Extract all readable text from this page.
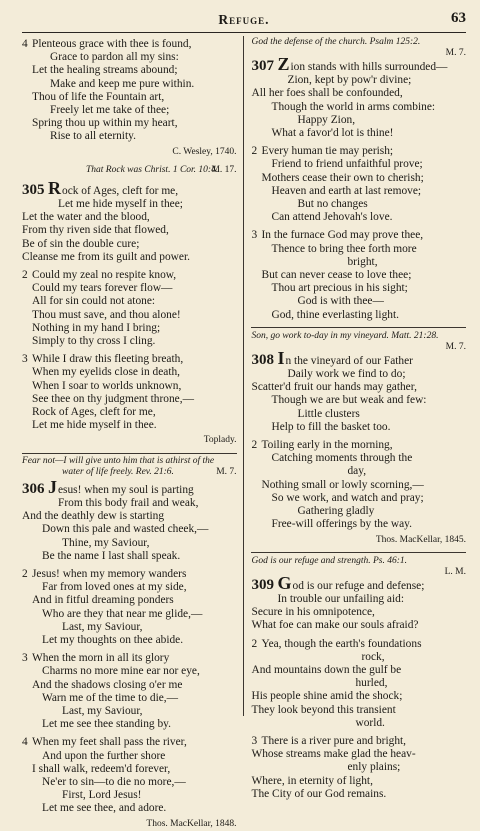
Refuge.	63
4 Plenteous grace with thee is found,
Grace to pardon all my sins:
Let the healing streams abound;
Make and keep me pure within.
Thou of life the Fountain art,
Freely let me take of thee;
Spring thou up within my heart,
Rise to all eternity.
C. Wesley, 1740.
That Rock was Christ. 1 Cor. 10:4.
M. 17.
305 Rock of Ages, cleft for me,
Let me hide myself in thee;
Let the water and the blood,
From thy riven side that flowed,
Be of sin the double cure;
Cleanse me from its guilt and power.
2 Could my zeal no respite know,
Could my tears forever flow—
All for sin could not atone:
Thou must save, and thou alone!
Nothing in my hand I bring;
Simply to thy cross I cling.
3 While I draw this fleeting breath,
When my eyelids close in death,
When I soar to worlds unknown,
See thee on thy judgment throne,—
Rock of Ages, cleft for me,
Let me hide myself in thee.
Toplady.
Fear not—I will give unto him that is athirst of the
water of life freely. Rev. 21:6.	M. 7.
306 Jesus! when my soul is parting
From this body frail and weak,
And the deathly dew is starting
Down this pale and wasted cheek,—
Thine, my Saviour,
Be the name I last shall speak.
2 Jesus! when my memory wanders
Far from loved ones at my side,
And in fitful dreaming ponders
Who are they that near me glide,—
Last, my Saviour,
Let my thoughts on thee abide.
3 When the morn in all its glory
Charms no more mine ear nor eye,
And the shadows closing o'er me
Warn me of the time to die,—
Last, my Saviour,
Let me see thee standing by.
4 When my feet shall pass the river,
And upon the further shore
I shall walk, redeem'd forever,
Ne'er to sin—to die no more,—
First, Lord Jesus!
Let me see thee, and adore.
Thos. MacKellar, 1848.
God the defense of the church. Psalm 125:2.
M. 7.
307 Zion stands with hills surrounded—
Zion, kept by pow'r divine;
All her foes shall be confounded,
Though the world in arms combine:
Happy Zion,
What a favor'd lot is thine!
2 Every human tie may perish;
Friend to friend unfaithful prove;
Mothers cease their own to cherish;
Heaven and earth at last remove;
But no changes
Can attend Jehovah's love.
3 In the furnace God may prove thee,
Thence to bring thee forth more
bright,
But can never cease to love thee;
Thou art precious in his sight;
God is with thee—
God, thine everlasting light.
Son, go work to-day in my vineyard. Matt. 21:28.
M. 7.
308 In the vineyard of our Father
Daily work we find to do;
Scatter'd fruit our hands may gather,
Though we are but weak and few:
Little clusters
Help to fill the basket too.
2 Toiling early in the morning,
Catching moments through the
day,
Nothing small or lowly scorning,—
So we work, and watch and pray;
Gathering gladly
Free-will offerings by the way.
Thos. MacKellar, 1845.
God is our refuge and strength. Ps. 46:1.
L. M.
309 God is our refuge and defense;
In trouble our unfailing aid:
Secure in his omnipotence,
What foe can make our souls afraid?
2 Yea, though the earth's foundations
rock,
And mountains down the gulf be
hurled,
His people shine amid the shock;
They look beyond this transient
world.
3 There is a river pure and bright,
Whose streams make glad the heav-
enly plains;
Where, in eternity of light,
The City of our God remains.
